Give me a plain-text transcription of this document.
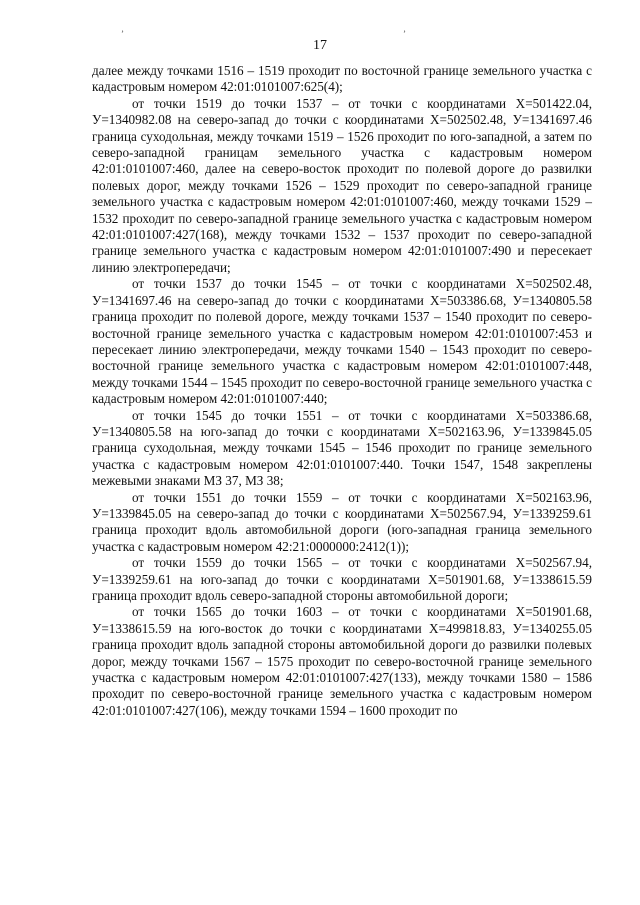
ʼ	ʼ
17

далее между точками 1516 – 1519 проходит по восточной границе земельного участка с кадастровым номером 42:01:0101007:625(4);

от точки 1519 до точки 1537 – от точки с координатами Х=501422.04, У=1340982.08 на северо-запад до точки с координатами Х=502502.48, У=1341697.46 граница суходольная, между точками 1519 – 1526 проходит по юго-западной, а затем по северо-западной границам земельного участка с кадастровым номером 42:01:0101007:460, далее на северо-восток проходит по полевой дороге до развилки полевых дорог, между точками 1526 – 1529 проходит по северо-западной границе земельного участка с кадастровым номером 42:01:0101007:460, между точками 1529 – 1532 проходит по северо-западной границе земельного участка с кадастровым номером 42:01:0101007:427(168), между точками 1532 – 1537 проходит по северо-западной границе земельного участка с кадастровым номером 42:01:0101007:490 и пересекает линию электропередачи;

от точки 1537 до точки 1545 – от точки с координатами Х=502502.48, У=1341697.46 на северо-запад до точки с координатами Х=503386.68, У=1340805.58 граница проходит по полевой дороге, между точками 1537 – 1540 проходит по северо-восточной границе земельного участка с кадастровым номером 42:01:0101007:453 и пересекает линию электропередачи, между точками 1540 – 1543 проходит по северо-восточной границе земельного участка с кадастровым номером 42:01:0101007:448, между точками 1544 – 1545 проходит по северо-восточной границе земельного участка с кадастровым номером 42:01:0101007:440;

от точки 1545 до точки 1551 – от точки с координатами Х=503386.68, У=1340805.58 на юго-запад до точки с координатами Х=502163.96, У=1339845.05 граница суходольная, между точками 1545 – 1546 проходит по границе земельного участка с кадастровым номером 42:01:0101007:440. Точки 1547, 1548 закреплены межевыми знаками МЗ 37, МЗ 38;

от точки 1551 до точки 1559 – от точки с координатами Х=502163.96, У=1339845.05 на северо-запад до точки с координатами Х=502567.94, У=1339259.61 граница проходит вдоль автомобильной дороги (юго-западная граница земельного участка с кадастровым номером 42:21:0000000:2412(1));

от точки 1559 до точки 1565 – от точки с координатами Х=502567.94, У=1339259.61 на юго-запад до точки с координатами Х=501901.68, У=1338615.59 граница проходит вдоль северо-западной стороны автомобильной дороги;

от точки 1565 до точки 1603 – от точки с координатами Х=501901.68, У=1338615.59 на юго-восток до точки с координатами Х=499818.83, У=1340255.05 граница проходит вдоль западной стороны автомобильной дороги до развилки полевых дорог, между точками 1567 – 1575 проходит по северо-восточной границе земельного участка с кадастровым номером 42:01:0101007:427(133), между точками 1580 – 1586 проходит по северо-восточной границе земельного участка с кадастровым номером 42:01:0101007:427(106), между точками 1594 – 1600 проходит по
